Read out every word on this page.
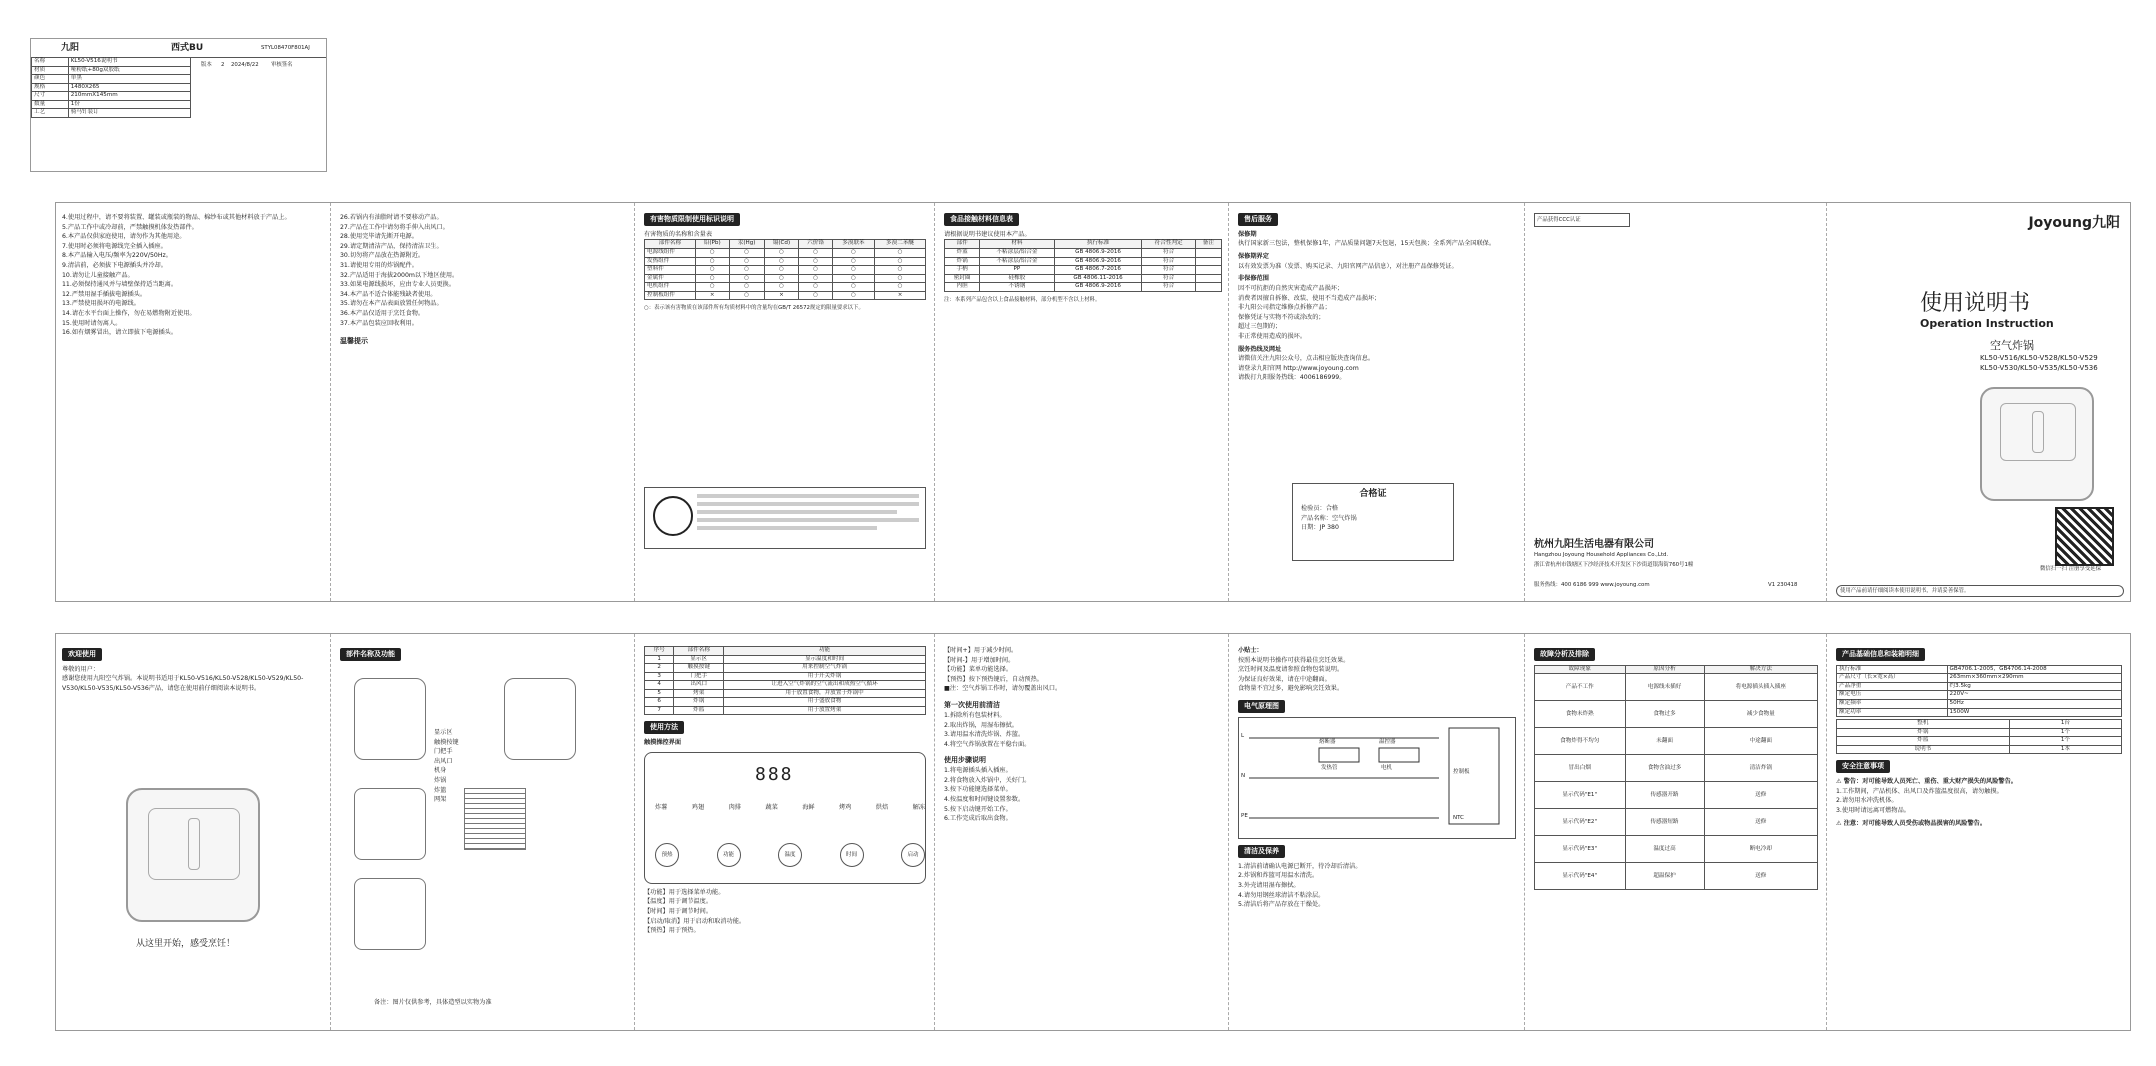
九阳	西式BU	STYL08470F801AJ
名称	KL50-V516说明书
材质	哑粉纸+80g双胶纸
颜色	单黑
规格	1480X265
尺寸	210mmX145mm
数量	1份
工艺	骑马钉装订
版本 2 2024/8/22 审核签名
4.使用过程中，请不要将装置、罐装或瓶装的物品、棉纱布或其他材料放于产品上。
5.产品工作中或冷却前，严禁触摸机体发热部件。
6.本产品仅供家庭使用，请勿作为其他用途。
7.使用时必须将电源线完全插入插座。
8.本产品输入电压/频率为220V/50Hz。
9.清洁前，必须拔下电源插头并冷却。
10.请勿让儿童接触产品。
11.必须保持通风并与墙壁保持适当距离。
12.严禁用湿手插拔电源插头。
13.严禁使用损坏的电源线。
14.请在水平台面上操作，勿在易燃物附近使用。
15.使用时请勿离人。
16.如有烟雾冒出，请立即拔下电源插头。
26.若锅内有油脂时请不要移动产品。
27.产品在工作中请勿将手伸入出风口。
28.使用完毕请先断开电源。
29.请定期清洁产品，保持清洁卫生。
30.切勿将产品放在热源附近。
31.请使用专用的炸锅配件。
32.产品适用于海拔2000m以下地区使用。
33.如果电源线损坏，应由专业人员更换。
34.本产品不适合体能残缺者使用。
35.请勿在本产品表面放置任何物品。
36.本产品仅适用于烹饪食物。
37.本产品包装应回收利用。
温馨提示
有害物质限制使用标识说明
有害物质的名称和含量表
部件名称	铅(Pb)	汞(Hg)	镉(Cd)	六价铬	多溴联苯	多溴二苯醚
电源线组件	○	○	○	○	○	○
发热组件	○	○	○	○	○	○
塑料件	○	○	○	○	○	○
金属件	○	○	○	○	○	○
电机组件	○	○	○	○	○	○
控制板组件	×	○	×	○	○	×
○：表示该有害物质在该部件所有均质材料中的含量均在GB/T 26572规定的限量要求以下。
食品接触材料信息表
请根据说明书建议使用本产品。
部件	材料	执行标准	符合性判定	备注
炸篮	不粘涂层/铝合金	GB 4806.9-2016	符合	
炸锅	不粘涂层/铝合金	GB 4806.9-2016	符合	
手柄	PP	GB 4806.7-2016	符合	
密封圈	硅橡胶	GB 4806.11-2016	符合	
内胆	不锈钢	GB 4806.9-2016	符合	
注：本系列产品包含以上食品接触材料，部分机型不含以上材料。
售后服务
保修期
执行国家新三包法，整机保修1年，产品质量问题7天包退，15天包换；全系列产品全国联保。
保修期界定
以有效发票为准（发票、购买记录、九阳官网产品信息），对注册产品保修凭证。
非保修范围
因不可抗拒的自然灾害造成产品损坏；
消费者因擅自拆修、改装、使用不当造成产品损坏；
非九阳公司指定维修点拆修产品；
保修凭证与实物不符或涂改的；
超过三包期的；
非正常使用造成的损坏。
服务热线及网址
请微信关注九阳公众号，点击相应版块查询信息。
请登录九阳官网 http://www.joyoung.com
请拨打九阳服务热线：4006186999。
合格证
检验员：合格
产品名称：空气炸锅
日期：JP 380
产品获得CCC认证
杭州九阳生活电器有限公司
Hangzhou Joyoung Household Appliances Co.,Ltd.
浙江省杭州市钱塘区下沙经济技术开发区下沙街道银海街760号1幢
服务热线：400 6186 999 www.joyoung.com	V1 230418
Joyoung九阳
使用说明书
Operation Instruction
空气炸锅
KL50-V516/KL50-V528/KL50-V529
KL50-V530/KL50-V535/KL50-V536
微信扫一扫 注册享受延保
使用产品前请仔细阅读本使用说明书，并请妥善保管。
欢迎使用
尊敬的用户：
感谢您使用九阳空气炸锅。本说明书适用于KL50-V516/KL50-V528/KL50-V529/KL50-V530/KL50-V535/KL50-V536产品，请您在使用前仔细阅读本说明书。
从这里开始，感受烹饪！
部件名称及功能
显示区
触摸按键
门把手
出风口
机身
炸锅
炸篮
网架
备注：图片仅供参考，具体造型以实物为准
序号	部件名称	功能
1	显示区	显示温度和时间
2	触摸按键	用来控制空气炸锅
3	门把手	用于开关炸锅
4	出风口	让进入空气炸锅的空气流出和成热空气循环
5	烤架	用于放置食物，并放置于炸锅中
6	炸锅	用于盛放食物
7	炸篮	用于放置烤架
使用方法
触摸操控界面
888
炸薯	鸡翅	肉排	蔬菜	海鲜	烤鸡	烘焙	解冻
预热	功能	温度	时间	启动
【功能】用于选择菜单功能。
【温度】用于调节温度。
【时间】用于调节时间。
【启动/取消】用于启动和取消功能。
【预热】用于预热。
【时间+】用于减少时间。
【时间-】用于增加时间。
【功能】菜单功能选择。
【预热】按下预热键后，自动预热。
■注：空气炸锅工作时，请勿覆盖出风口。
第一次使用前清洁
1.拆除所有包装材料。
2.取出炸锅，用湿布擦拭。
3.请用温水清洗炸锅、炸篮。
4.将空气炸锅放置在平稳台面。
使用步骤说明
1.将电源插头插入插座。
2.将食物放入炸锅中，关好门。
3.按下功能键选择菜单。
4.按温度和时间键设置参数。
5.按下启动键开始工作。
6.工作完成后取出食物。
小贴士：
按照本说明书操作可获得最佳烹饪效果。
烹饪时间及温度请参照食物包装说明。
为保证良好效果，请在中途翻面。
食物量不宜过多，避免影响烹饪效果。
电气原理图
L
N
PE
熔断器	温控器
发热管	电机
控制板
NTC
清洁及保养
1.清洁前请确认电源已断开，待冷却后清洁。
2.炸锅和炸篮可用温水清洗。
3.外壳请用湿布擦拭。
4.请勿用钢丝球清洁不粘涂层。
5.清洁后将产品存放在干燥处。
故障分析及排除
故障现象	原因分析	解决方法
产品不工作	电源线未插好	将电源插头插入插座
食物未炸熟	食物过多	减少食物量
食物炸得不均匀	未翻面	中途翻面
冒出白烟	食物含油过多	清洁炸锅
显示代码"E1"	传感器开路	送修
显示代码"E2"	传感器短路	送修
显示代码"E3"	温度过高	断电冷却
显示代码"E4"	超温保护	送修
产品基础信息和装箱明细
执行标准	GB4706.1-2005，GB4706.14-2008
产品尺寸（长×宽×高）	263mm×360mm×290mm
产品净重	约3.5kg
额定电压	220V~
额定频率	50Hz
额定功率	1500W
整机	1台
炸锅	1个
炸篮	1个
说明书	1本
安全注意事项
⚠ 警告：对可能导致人员死亡、重伤、重大财产损失的风险警告。
1.工作期间，产品机体、出风口及炸篮温度很高，请勿触摸。
2.请勿用水冲洗机体。
3.使用时请远离可燃物品。
⚠ 注意：对可能导致人员受伤或物品损害的风险警告。
